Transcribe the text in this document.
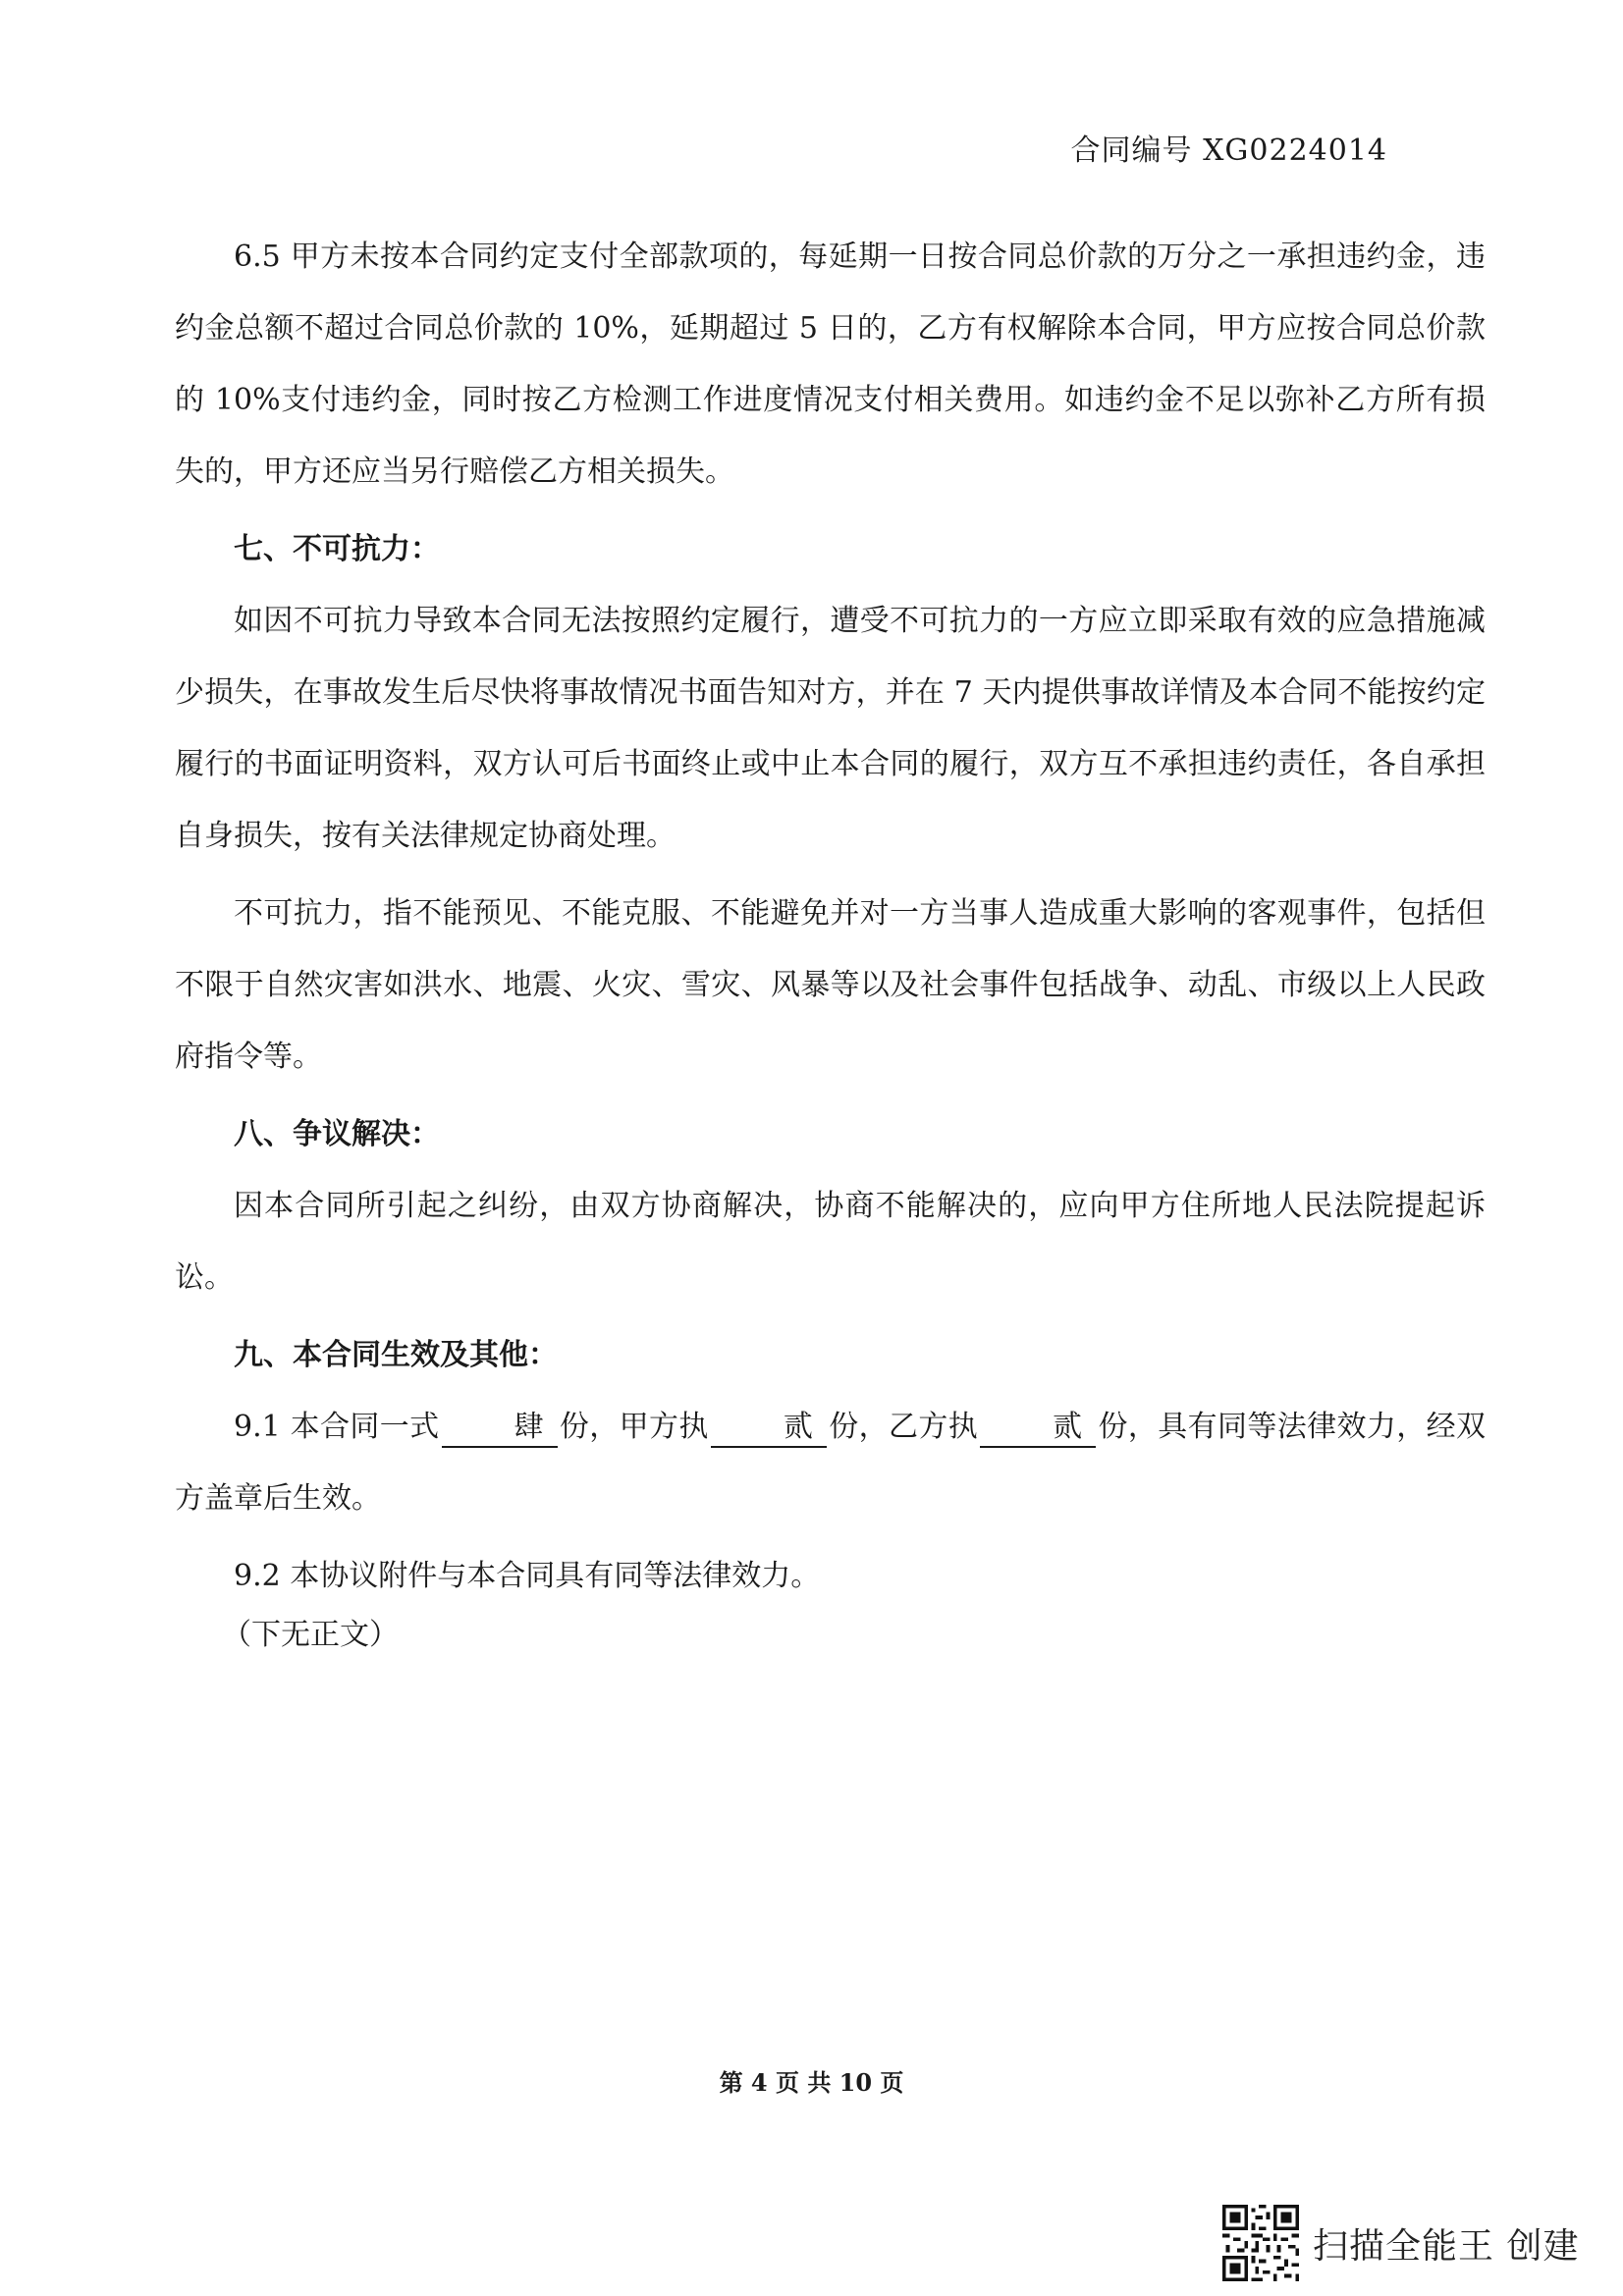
合同编号 XG0224014

6.5 甲方未按本合同约定支付全部款项的，每延期一日按合同总价款的万分之一承担违约金，违约金总额不超过合同总价款的 10%，延期超过 5 日的，乙方有权解除本合同，甲方应按合同总价款的 10%支付违约金，同时按乙方检测工作进度情况支付相关费用。如违约金不足以弥补乙方所有损失的，甲方还应当另行赔偿乙方相关损失。

七、不可抗力：

如因不可抗力导致本合同无法按照约定履行，遭受不可抗力的一方应立即采取有效的应急措施减少损失，在事故发生后尽快将事故情况书面告知对方，并在 7 天内提供事故详情及本合同不能按约定履行的书面证明资料，双方认可后书面终止或中止本合同的履行，双方互不承担违约责任，各自承担自身损失，按有关法律规定协商处理。

不可抗力，指不能预见、不能克服、不能避免并对一方当事人造成重大影响的客观事件，包括但不限于自然灾害如洪水、地震、火灾、雪灾、风暴等以及社会事件包括战争、动乱、市级以上人民政府指令等。

八、争议解决：

因本合同所引起之纠纷，由双方协商解决，协商不能解决的，应向甲方住所地人民法院提起诉讼。

九、本合同生效及其他：

9.1 本合同一式	肆 份，甲方执	贰 份，乙方执	贰 份，具有同等法律效力，经双方盖章后生效。

9.2 本协议附件与本合同具有同等法律效力。

（下无正文）
第 4 页 共 10 页
扫描全能王 创建
